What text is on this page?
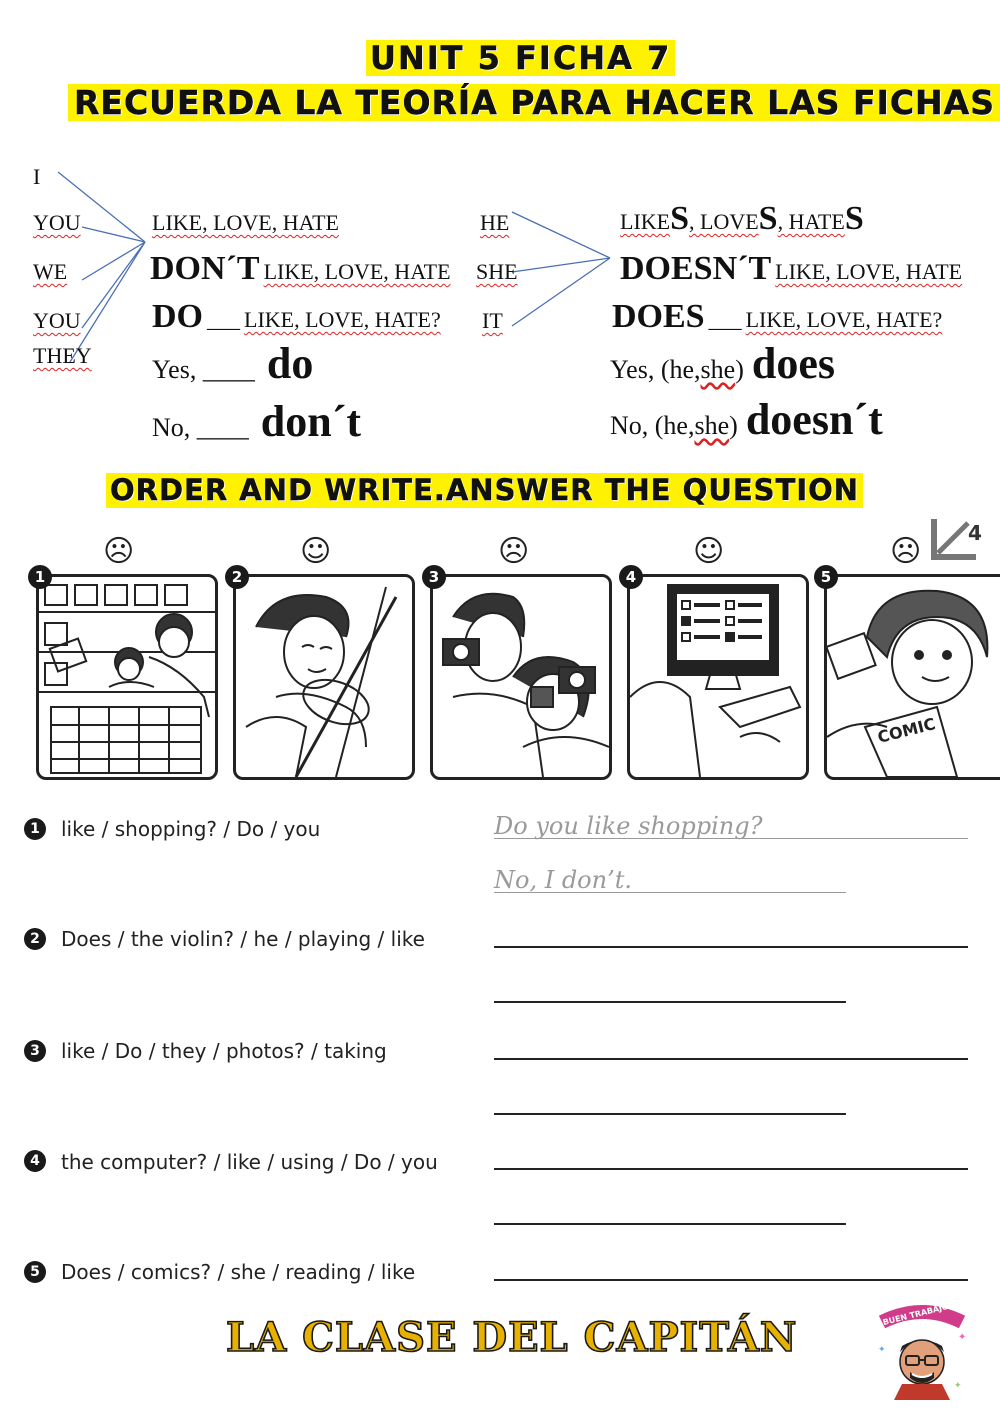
UNIT 5 FICHA 7
RECUERDA LA TEORÍA PARA HACER LAS FICHAS
I
YOU
WE
YOU
THEY
LIKE, LOVE, HATE
DON´T LIKE, LOVE, HATE
DO ___ LIKE, LOVE, HATE?
Yes, ____ do
No, ____ don´t
HE
SHE
IT
LIKES, LOVES, HATES
DOESN´T LIKE, LOVE, HATE
DOES ___ LIKE, LOVE, HATE?
Yes, (he,she) does
No, (he,she) doesn´t
ORDER AND WRITE.ANSWER THE QUESTION
4
☹	☺	☹	☺	☹
1	2	3	4
COMIC
5
1	like / shopping? / Do / you	Do you like shopping?
No, I don’t.
2	Does / the violin? / he / playing / like
3	like / Do / they / photos? / taking
4	the computer? / like / using / Do / you
5	Does / comics? / she / reading / like
LA CLASE DEL CAPITÁN	✦
✦
✦
BUEN TRABAJO
